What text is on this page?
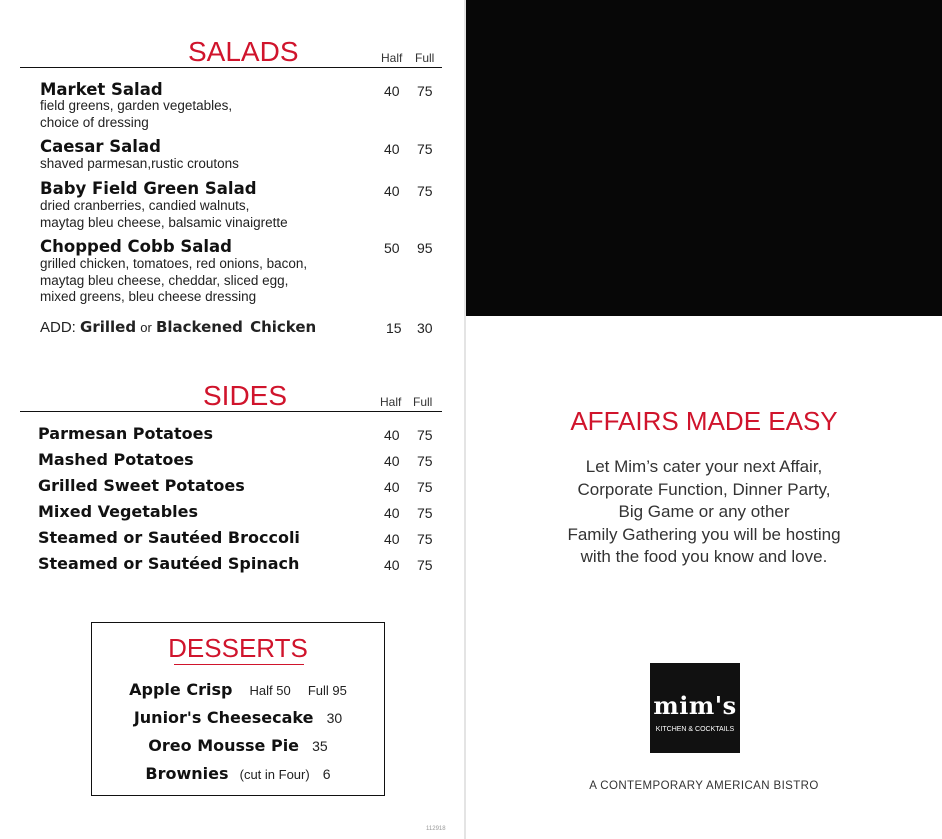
SALADS	Half Full
Market Salad
field greens, garden vegetables,
choice of dressing
40 75
Caesar Salad
shaved parmesan,rustic croutons
40 75
Baby Field Green Salad
dried cranberries, candied walnuts,
maytag bleu cheese, balsamic vinaigrette
40 75
Chopped Cobb Salad
grilled chicken, tomatoes, red onions, bacon,
maytag bleu cheese, cheddar, sliced egg,
mixed greens, bleu cheese dressing
50 95
ADD: Grilled or Blackened Chicken	15 30
SIDES	Half Full
Parmesan Potatoes	40 75
Mashed Potatoes	40 75
Grilled Sweet Potatoes	40 75
Mixed Vegetables	40 75
Steamed or Sautéed Broccoli	40 75
Steamed or Sautéed Spinach	40 75
DESSERTS
Apple Crisp Half 50 Full 95
Junior's Cheesecake 30
Oreo Mousse Pie 35
Brownies (cut in Four) 6
112918
AFFAIRS MADE EASY
Let Mim’s cater your next Affair,
Corporate Function, Dinner Party,
Big Game or any other
Family Gathering you will be hosting
with the food you know and love.
mim's
KITCHEN & COCKTAILS
A CONTEMPORARY AMERICAN BISTRO
